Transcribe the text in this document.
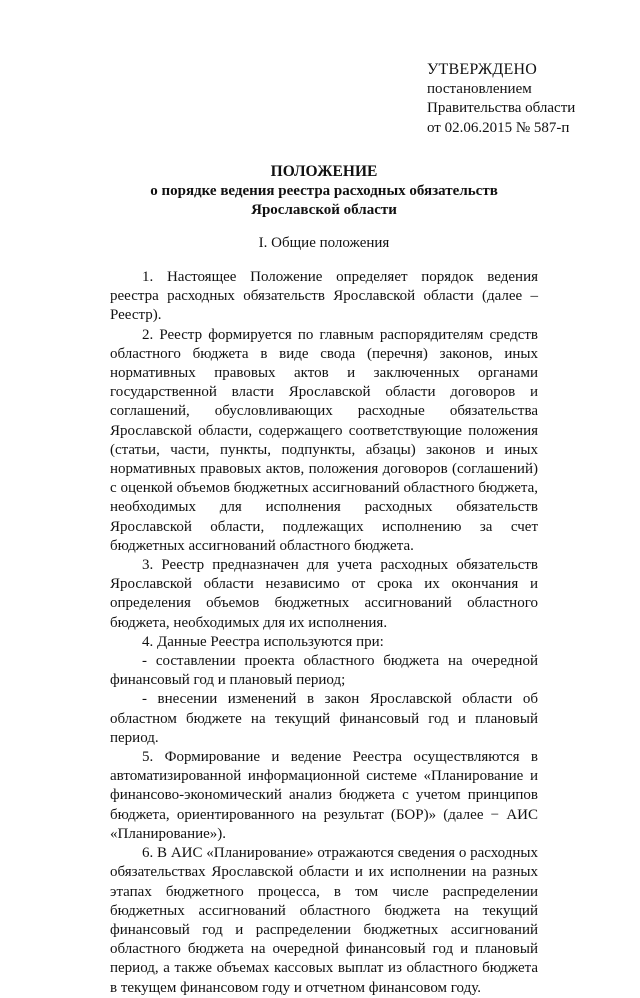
УТВЕРЖДЕНО
постановлением
Правительства области
от 02.06.2015 № 587-п
ПОЛОЖЕНИЕ
о порядке ведения реестра расходных обязательств Ярославской области
I. Общие положения

1. Настоящее Положение определяет порядок ведения реестра расходных обязательств Ярославской области (далее – Реестр).

2. Реестр формируется по главным распорядителям средств областного бюджета в виде свода (перечня) законов, иных нормативных правовых актов и заключенных органами государственной власти Ярославской области договоров и соглашений, обусловливающих расходные обязательства Ярославской области, содержащего соответствующие положения (статьи, части, пункты, подпункты, абзацы) законов и иных нормативных правовых актов, положения договоров (соглашений) с оценкой объемов бюджетных ассигнований областного бюджета, необходимых для исполнения расходных обязательств Ярославской области, подлежащих исполнению за счет бюджетных ассигнований областного бюджета.

3. Реестр предназначен для учета расходных обязательств Ярославской области независимо от срока их окончания и определения объемов бюджетных ассигнований областного бюджета, необходимых для их исполнения.

4. Данные Реестра используются при:

- составлении проекта областного бюджета на очередной финансовый год и плановый период;

- внесении изменений в закон Ярославской области об областном бюджете на текущий финансовый год и плановый период.

5. Формирование и ведение Реестра осуществляются в автоматизированной информационной системе «Планирование и финансово-экономический анализ бюджета с учетом принципов бюджета, ориентированного на результат (БОР)» (далее − АИС «Планирование»).

6. В АИС «Планирование» отражаются сведения о расходных обязательствах Ярославской области и их исполнении на разных этапах бюджетного процесса, в том числе распределении бюджетных ассигнований областного бюджета на текущий финансовый год и распределении бюджетных ассигнований областного бюджета на очередной финансовый год и плановый период, а также объемах кассовых выплат из областного бюджета в текущем финансовом году и отчетном финансовом году.
